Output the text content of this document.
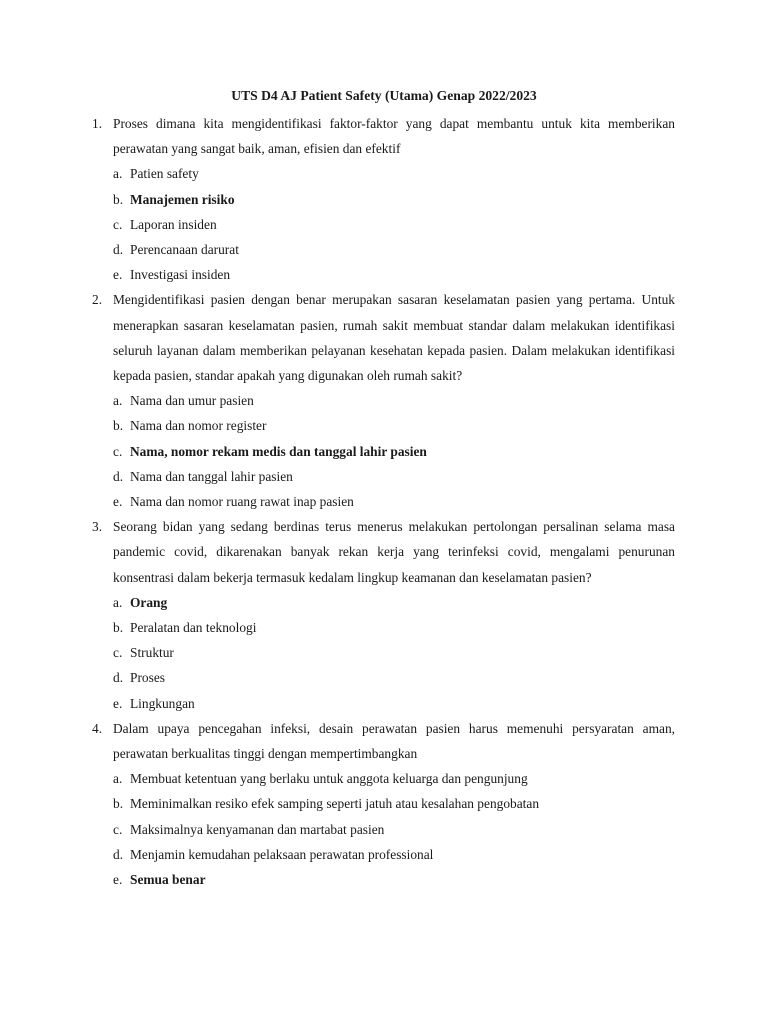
UTS D4 AJ Patient Safety (Utama) Genap 2022/2023
1. Proses dimana kita mengidentifikasi faktor-faktor yang dapat membantu untuk kita memberikan perawatan yang sangat baik, aman, efisien dan efektif
a. Patien safety
b. Manajemen risiko
c. Laporan insiden
d. Perencanaan darurat
e. Investigasi insiden
2. Mengidentifikasi pasien dengan benar merupakan sasaran keselamatan pasien yang pertama. Untuk menerapkan sasaran keselamatan pasien, rumah sakit membuat standar dalam melakukan identifikasi seluruh layanan dalam memberikan pelayanan kesehatan kepada pasien. Dalam melakukan identifikasi kepada pasien, standar apakah yang digunakan oleh rumah sakit?
a. Nama dan umur pasien
b. Nama dan nomor register
c. Nama, nomor rekam medis dan tanggal lahir pasien
d. Nama dan tanggal lahir pasien
e. Nama dan nomor ruang rawat inap pasien
3. Seorang bidan yang sedang berdinas terus menerus melakukan pertolongan persalinan selama masa pandemic covid, dikarenakan banyak rekan kerja yang terinfeksi covid, mengalami penurunan konsentrasi dalam bekerja termasuk kedalam lingkup keamanan dan keselamatan pasien?
a. Orang
b. Peralatan dan teknologi
c. Struktur
d. Proses
e. Lingkungan
4. Dalam upaya pencegahan infeksi, desain perawatan pasien harus memenuhi persyaratan aman, perawatan berkualitas tinggi dengan mempertimbangkan
a. Membuat ketentuan yang berlaku untuk anggota keluarga dan pengunjung
b. Meminimalkan resiko efek samping seperti jatuh atau kesalahan pengobatan
c. Maksimalnya kenyamanan dan martabat pasien
d. Menjamin kemudahan pelaksaan perawatan professional
e. Semua benar
